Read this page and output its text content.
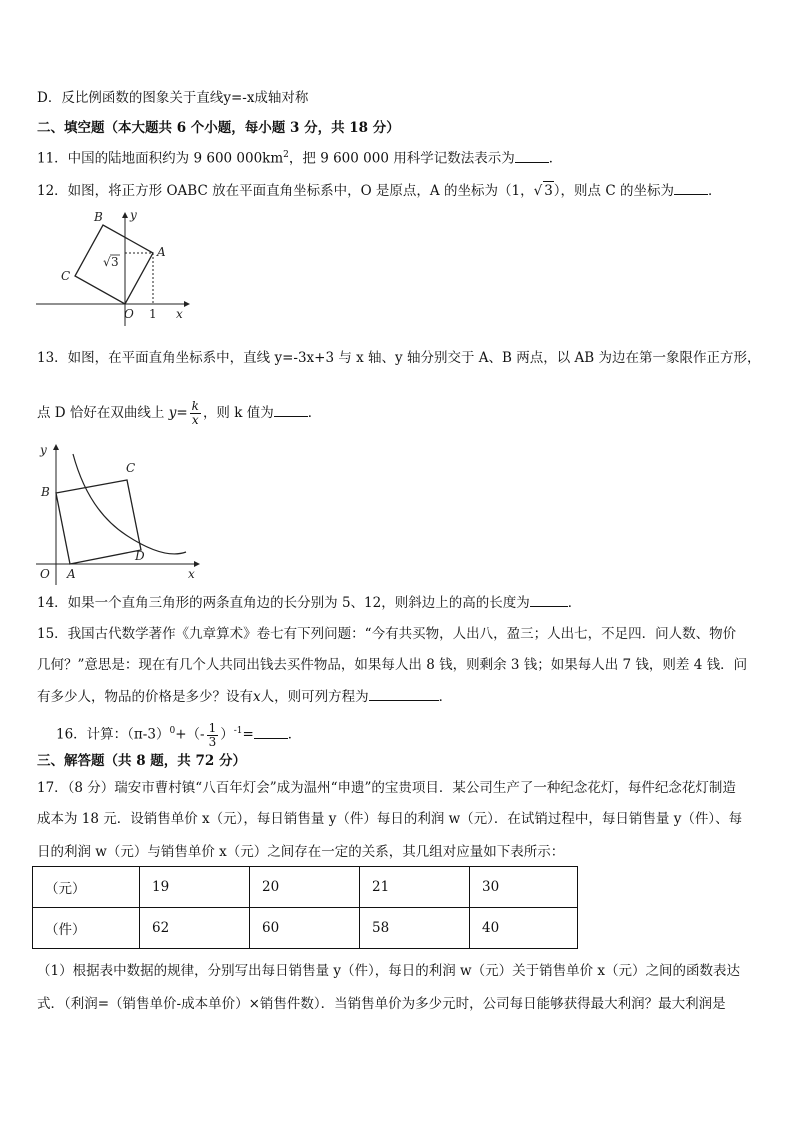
D．反比例函数的图象关于直线y=-x成轴对称
二、填空题（本大题共 6 个小题，每小题 3 分，共 18 分）
11．中国的陆地面积约为 9 600 $000km^2$，把 9 600 000 用科学记数法表示为	．
12．如图，将正方形 OABC 放在平面直角坐标系中，O 是原点，A 的坐标为（1，√ 3），则点 C 的坐标为	．
√ 3
B y
A
C
O 1 x
13．如图，在平面直角坐标系中，直线 y=-3x+3 与 x 轴、y 轴分别交于 A、B 两点，以 AB 为边在第一象限作正方形，
点 D 恰好在双曲线上 $y= \frac{k}{x}$ ，则 k 值为	．
y
C
B
D
O A	x
14．如果一个直角三角形的两条直角边的长分别为 5、12，则斜边上的高的长度为	．
15．我国古代数学著作《九章算术》卷七有下列问题：“今有共买物，人出八，盈三；人出七，不足四．问人数、物价
几何？”意思是：现在有几个人共同出钱去买件物品，如果每人出 8 钱，则剩余 3 钱；如果每人出 7 钱，则差 4 钱．问
有多少人，物品的价格是多少？设有x人，则可列方程为	．
16．计算：$(\pi-3)^0+(- \frac{1}{3} )^{-1}=$	．
三、解答题（共 8 题，共 72 分）
17．（8 分）瑞安市曹村镇“八百年灯会”成为温州“申遗”的宝贵项目．某公司生产了一种纪念花灯，每件纪念花灯制造
成本为 18 元．设销售单价 x（元），每日销售量 y（件）每日的利润 w（元）．在试销过程中，每日销售量 y（件）、每
日的利润 w（元）与销售单价 x（元）之间存在一定的关系，其几组对应量如下表所示：
（元）	19	20	21	30
（件）	62	60	58	40
（1）根据表中数据的规律，分别写出每日销售量 y（件），每日的利润 w（元）关于销售单价 x（元）之间的函数表达
式．（利润=（销售单价-成本单价）×销售件数）．当销售单价为多少元时，公司每日能够获得最大利润？最大利润是
